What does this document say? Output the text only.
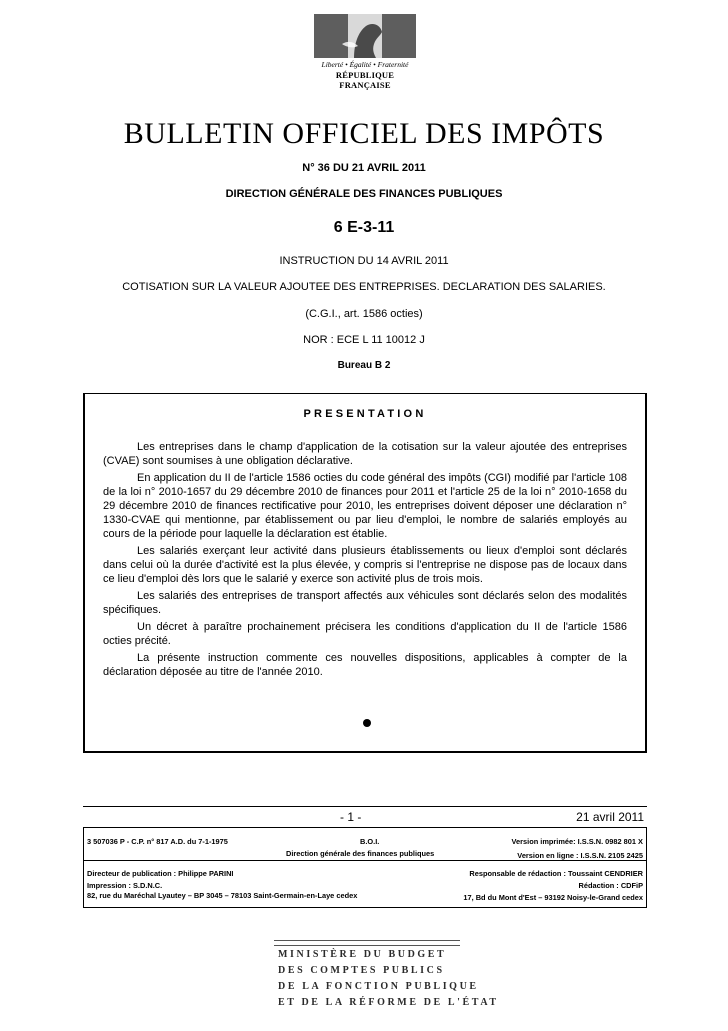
Liberté • Égalité • Fraternité
RÉPUBLIQUE FRANÇAISE
BULLETIN OFFICIEL DES IMPÔTS
N° 36 DU 21 AVRIL 2011
DIRECTION GÉNÉRALE DES FINANCES PUBLIQUES
6 E-3-11
INSTRUCTION DU 14 AVRIL 2011
COTISATION SUR LA VALEUR AJOUTEE DES ENTREPRISES. DECLARATION DES SALARIES.
(C.G.I., art. 1586 octies)
NOR : ECE L 11 10012 J
Bureau B 2
PRESENTATION

Les entreprises dans le champ d'application de la cotisation sur la valeur ajoutée des entreprises (CVAE) sont soumises à une obligation déclarative.

En application du II de l'article 1586 octies du code général des impôts (CGI) modifié par l'article 108 de la loi n° 2010-1657 du 29 décembre 2010 de finances pour 2011 et l'article 25 de la loi n° 2010-1658 du 29 décembre 2010 de finances rectificative pour 2010, les entreprises doivent déposer une déclaration n° 1330-CVAE qui mentionne, par établissement ou par lieu d'emploi, le nombre de salariés employés au cours de la période pour laquelle la déclaration est établie.

Les salariés exerçant leur activité dans plusieurs établissements ou lieux d'emploi sont déclarés dans celui où la durée d'activité est la plus élevée, y compris si l'entreprise ne dispose pas de locaux dans ce lieu d'emploi dès lors que le salarié y exerce son activité plus de trois mois.

Les salariés des entreprises de transport affectés aux véhicules sont déclarés selon des modalités spécifiques.

Un décret à paraître prochainement précisera les conditions d'application du II de l'article 1586 octies précité.

La présente instruction commente ces nouvelles dispositions, applicables à compter de la déclaration déposée au titre de l'année 2010.

- 1 -	21 avril 2011
3 507036 P - C.P. n° 817 A.D. du 7-1-1975	B.O.I.
Direction générale des finances publiques
Version imprimée: I.S.S.N. 0982 801 X
Version en ligne : I.S.S.N. 2105 2425
Directeur de publication : Philippe PARINI
Impression : S.D.N.C.
82, rue du Maréchal Lyautey – BP 3045 – 78103 Saint-Germain-en-Laye cedex
Responsable de rédaction : Toussaint CENDRIER
Rédaction : CDFiP
17, Bd du Mont d'Est – 93192 Noisy-le-Grand cedex
MINISTÈRE DU BUDGET
DES COMPTES PUBLICS
DE LA FONCTION PUBLIQUE
ET DE LA RÉFORME DE L'ÉTAT
